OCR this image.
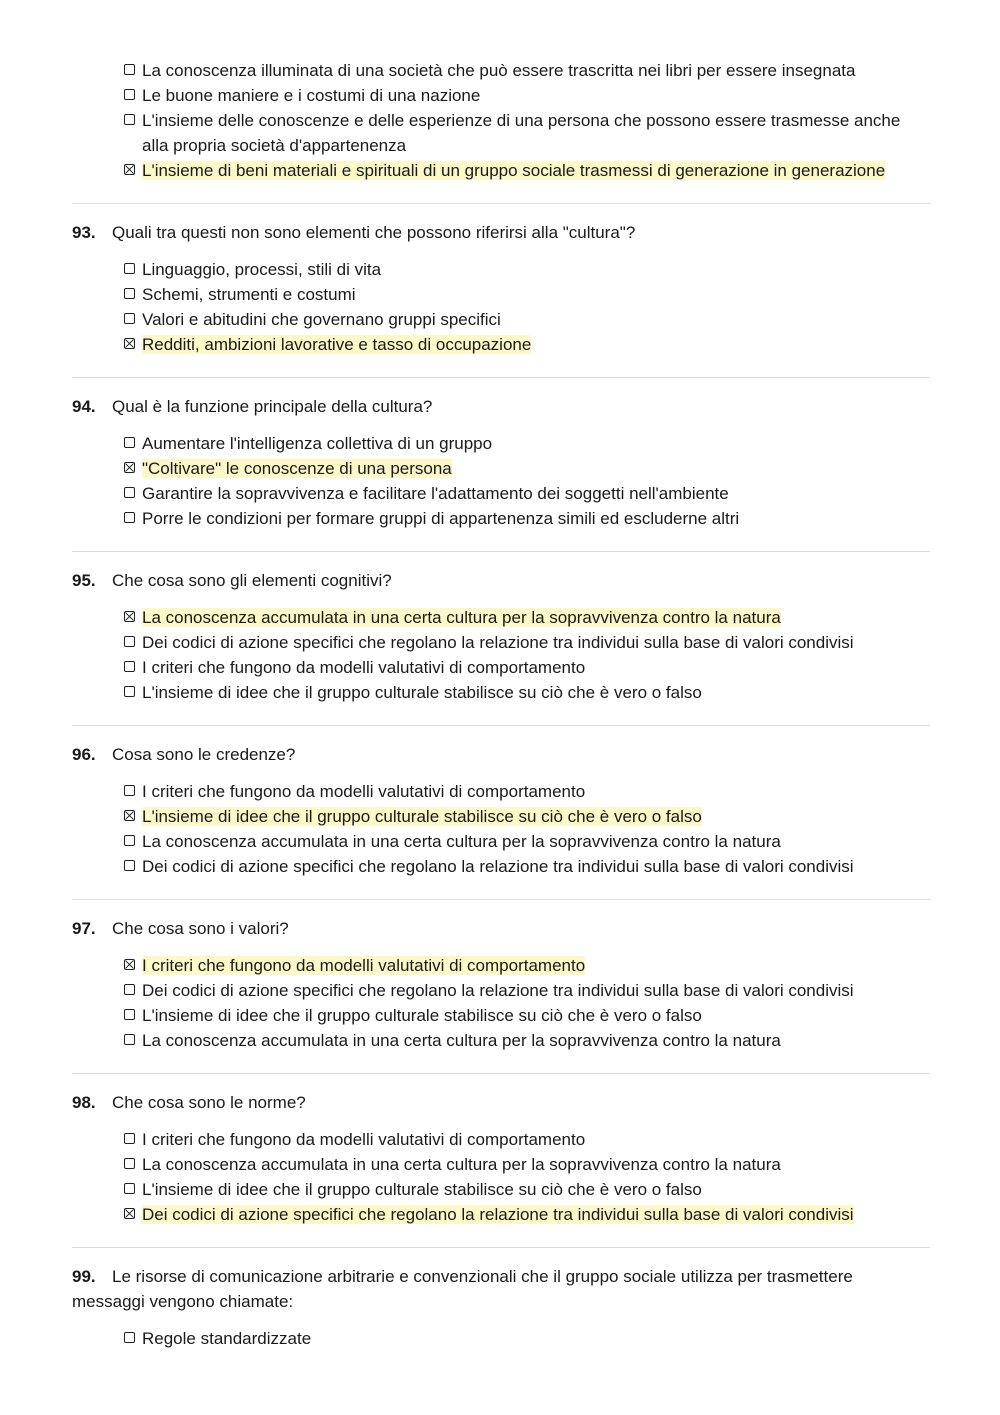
La conoscenza illuminata di una società che può essere trascritta nei libri per essere insegnata
Le buone maniere e i costumi di una nazione
L'insieme delle conoscenze e delle esperienze di una persona che possono essere trasmesse anche alla propria società d'appartenenza
L'insieme di beni materiali e spirituali di un gruppo sociale trasmessi di generazione in generazione
93. Quali tra questi non sono elementi che possono riferirsi alla "cultura"?
Linguaggio, processi, stili di vita
Schemi, strumenti e costumi
Valori e abitudini che governano gruppi specifici
Redditi, ambizioni lavorative e tasso di occupazione
94. Qual è la funzione principale della cultura?
Aumentare l'intelligenza collettiva di un gruppo
"Coltivare" le conoscenze di una persona
Garantire la sopravvivenza e facilitare l'adattamento dei soggetti nell'ambiente
Porre le condizioni per formare gruppi di appartenenza simili ed escluderne altri
95. Che cosa sono gli elementi cognitivi?
La conoscenza accumulata in una certa cultura per la sopravvivenza contro la natura
Dei codici di azione specifici che regolano la relazione tra individui sulla base di valori condivisi
I criteri che fungono da modelli valutativi di comportamento
L'insieme di idee che il gruppo culturale stabilisce su ciò che è vero o falso
96. Cosa sono le credenze?
I criteri che fungono da modelli valutativi di comportamento
L'insieme di idee che il gruppo culturale stabilisce su ciò che è vero o falso
La conoscenza accumulata in una certa cultura per la sopravvivenza contro la natura
Dei codici di azione specifici che regolano la relazione tra individui sulla base di valori condivisi
97. Che cosa sono i valori?
I criteri che fungono da modelli valutativi di comportamento
Dei codici di azione specifici che regolano la relazione tra individui sulla base di valori condivisi
L'insieme di idee che il gruppo culturale stabilisce su ciò che è vero o falso
La conoscenza accumulata in una certa cultura per la sopravvivenza contro la natura
98. Che cosa sono le norme?
I criteri che fungono da modelli valutativi di comportamento
La conoscenza accumulata in una certa cultura per la sopravvivenza contro la natura
L'insieme di idee che il gruppo culturale stabilisce su ciò che è vero o falso
Dei codici di azione specifici che regolano la relazione tra individui sulla base di valori condivisi
99. Le risorse di comunicazione arbitrarie e convenzionali che il gruppo sociale utilizza per trasmettere messaggi vengono chiamate:
Regole standardizzate
